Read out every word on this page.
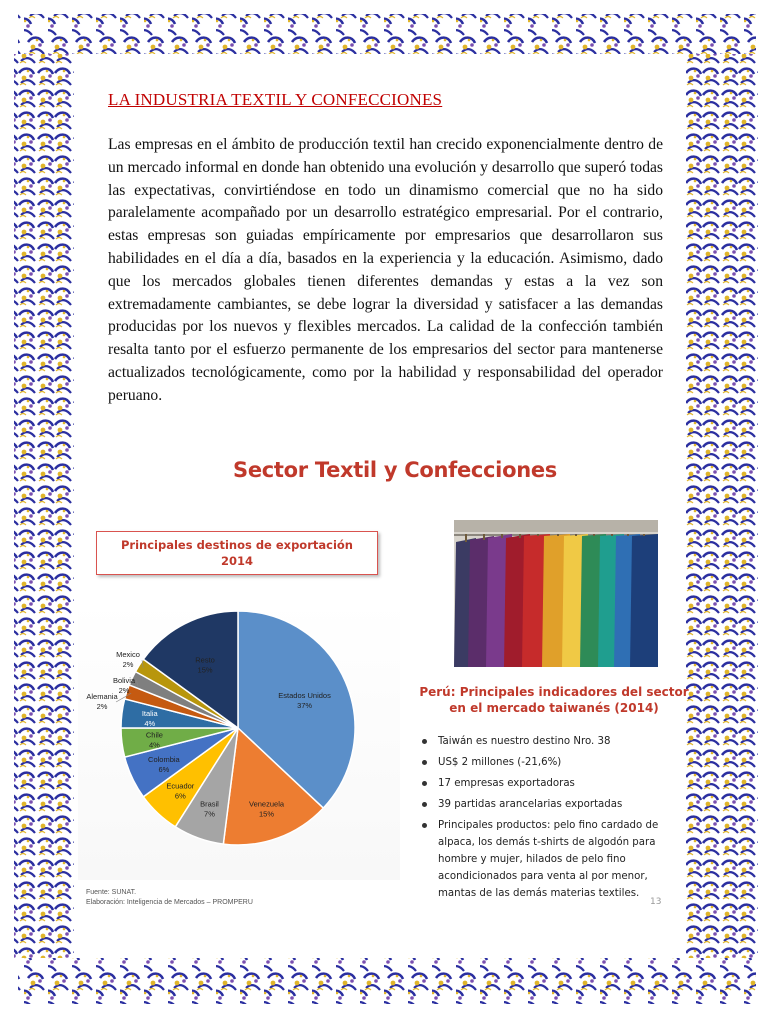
LA INDUSTRIA TEXTIL Y CONFECCIONES
Las empresas en el ámbito de producción textil han crecido exponencialmente dentro de un mercado informal en donde han obtenido una evolución y desarrollo que superó todas las expectativas, convirtiéndose en todo un dinamismo comercial que no ha sido paralelamente acompañado por un desarrollo estratégico empresarial. Por el contrario, estas empresas son guiadas empíricamente por empresarios que desarrollaron sus habilidades en el día a día, basados en la experiencia y la educación. Asimismo, dado que los mercados globales tienen diferentes demandas y estas a la vez son extremadamente cambiantes, se debe lograr la diversidad y satisfacer a las demandas producidas por los nuevos y flexibles mercados. La calidad de la confección también resalta tanto por el esfuerzo permanente de los empresarios del sector para mantenerse actualizados tecnológicamente, como por la habilidad y responsabilidad del operador peruano.
Sector Textil y Confecciones
Principales destinos de exportación
2014
Estados Unidos
37%
Venezuela
15%
Brasil
7%
Ecuador
6%
Colombia
6%
Chile
4%
Italia
4%
Alemania
2%
Bolivia
2%
Mexico
2%
Resto
15%
Fuente: SUNAT.
Elaboración: Inteligencia de Mercados – PROMPERU
Perú: Principales indicadores del sector
en el mercado taiwanés (2014)
Taiwán es nuestro destino Nro. 38
US$ 2 millones (-21,6%)
17 empresas exportadoras
39 partidas arancelarias exportadas
Principales productos: pelo fino cardado de alpaca, los demás t-shirts de algodón para hombre y mujer, hilados de pelo fino acondicionados para venta al por menor, mantas de las demás materias textiles.
13
